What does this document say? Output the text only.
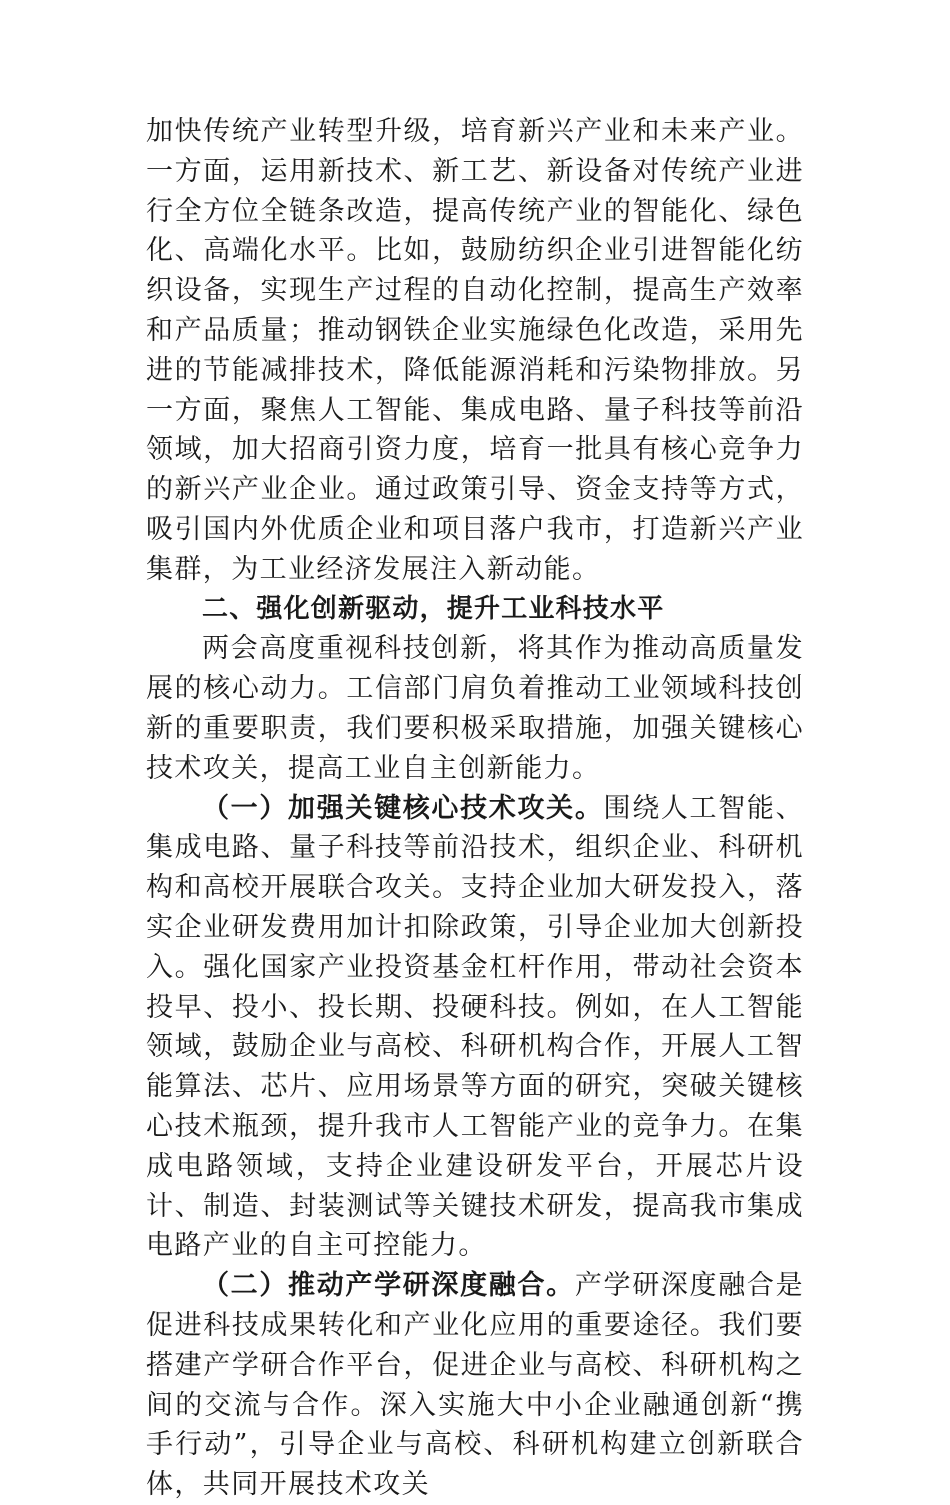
加快传统产业转型升级，培育新兴产业和未来产业。一方面，运用新技术、新工艺、新设备对传统产业进行全方位全链条改造，提高传统产业的智能化、绿色化、高端化水平。比如，鼓励纺织企业引进智能化纺织设备，实现生产过程的自动化控制，提高生产效率和产品质量；推动钢铁企业实施绿色化改造，采用先进的节能减排技术，降低能源消耗和污染物排放。另一方面，聚焦人工智能、集成电路、量子科技等前沿领域，加大招商引资力度，培育一批具有核心竞争力的新兴产业企业。通过政策引导、资金支持等方式，吸引国内外优质企业和项目落户我市，打造新兴产业集群，为工业经济发展注入新动能。

二、强化创新驱动，提升工业科技水平

两会高度重视科技创新，将其作为推动高质量发展的核心动力。工信部门肩负着推动工业领域科技创新的重要职责，我们要积极采取措施，加强关键核心技术攻关，提高工业自主创新能力。

（一）加强关键核心技术攻关。围绕人工智能、集成电路、量子科技等前沿技术，组织企业、科研机构和高校开展联合攻关。支持企业加大研发投入，落实企业研发费用加计扣除政策，引导企业加大创新投入。强化国家产业投资基金杠杆作用，带动社会资本投早、投小、投长期、投硬科技。例如，在人工智能领域，鼓励企业与高校、科研机构合作，开展人工智能算法、芯片、应用场景等方面的研究，突破关键核心技术瓶颈，提升我市人工智能产业的竞争力。在集成电路领域，支持企业建设研发平台，开展芯片设计、制造、封装测试等关键技术研发，提高我市集成电路产业的自主可控能力。

（二）推动产学研深度融合。产学研深度融合是促进科技成果转化和产业化应用的重要途径。我们要搭建产学研合作平台，促进企业与高校、科研机构之间的交流与合作。深入实施大中小企业融通创新“携手行动”，引导企业与高校、科研机构建立创新联合体，共同开展技术攻关
